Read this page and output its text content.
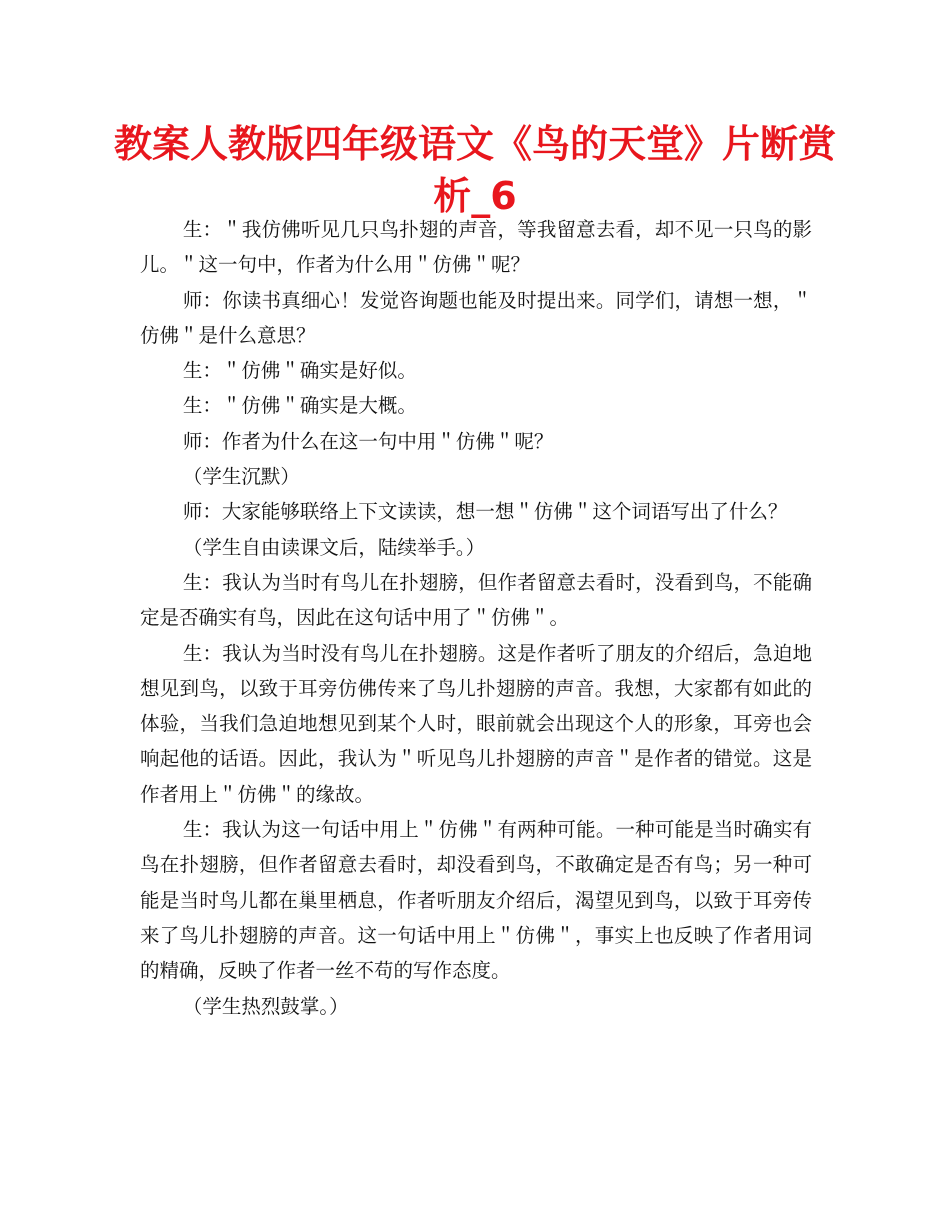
教案人教版四年级语文《鸟的天堂》片断赏析_6

生：＂我仿佛听见几只鸟扑翅的声音，等我留意去看，却不见一只鸟的影儿。＂这一句中，作者为什么用＂仿佛＂呢？

师：你读书真细心！发觉咨询题也能及时提出来。同学们，请想一想，＂仿佛＂是什么意思？

生：＂仿佛＂确实是好似。

生：＂仿佛＂确实是大概。

师：作者为什么在这一句中用＂仿佛＂呢？

（学生沉默）

师：大家能够联络上下文读读，想一想＂仿佛＂这个词语写出了什么？

（学生自由读课文后，陆续举手。）

生：我认为当时有鸟儿在扑翅膀，但作者留意去看时，没看到鸟，不能确定是否确实有鸟，因此在这句话中用了＂仿佛＂。

生：我认为当时没有鸟儿在扑翅膀。这是作者听了朋友的介绍后，急迫地想见到鸟，以致于耳旁仿佛传来了鸟儿扑翅膀的声音。我想，大家都有如此的体验，当我们急迫地想见到某个人时，眼前就会出现这个人的形象，耳旁也会响起他的话语。因此，我认为＂听见鸟儿扑翅膀的声音＂是作者的错觉。这是作者用上＂仿佛＂的缘故。

生：我认为这一句话中用上＂仿佛＂有两种可能。一种可能是当时确实有鸟在扑翅膀，但作者留意去看时，却没看到鸟，不敢确定是否有鸟；另一种可能是当时鸟儿都在巢里栖息，作者听朋友介绍后，渴望见到鸟，以致于耳旁传来了鸟儿扑翅膀的声音。这一句话中用上＂仿佛＂，事实上也反映了作者用词的精确，反映了作者一丝不苟的写作态度。

（学生热烈鼓掌。）
